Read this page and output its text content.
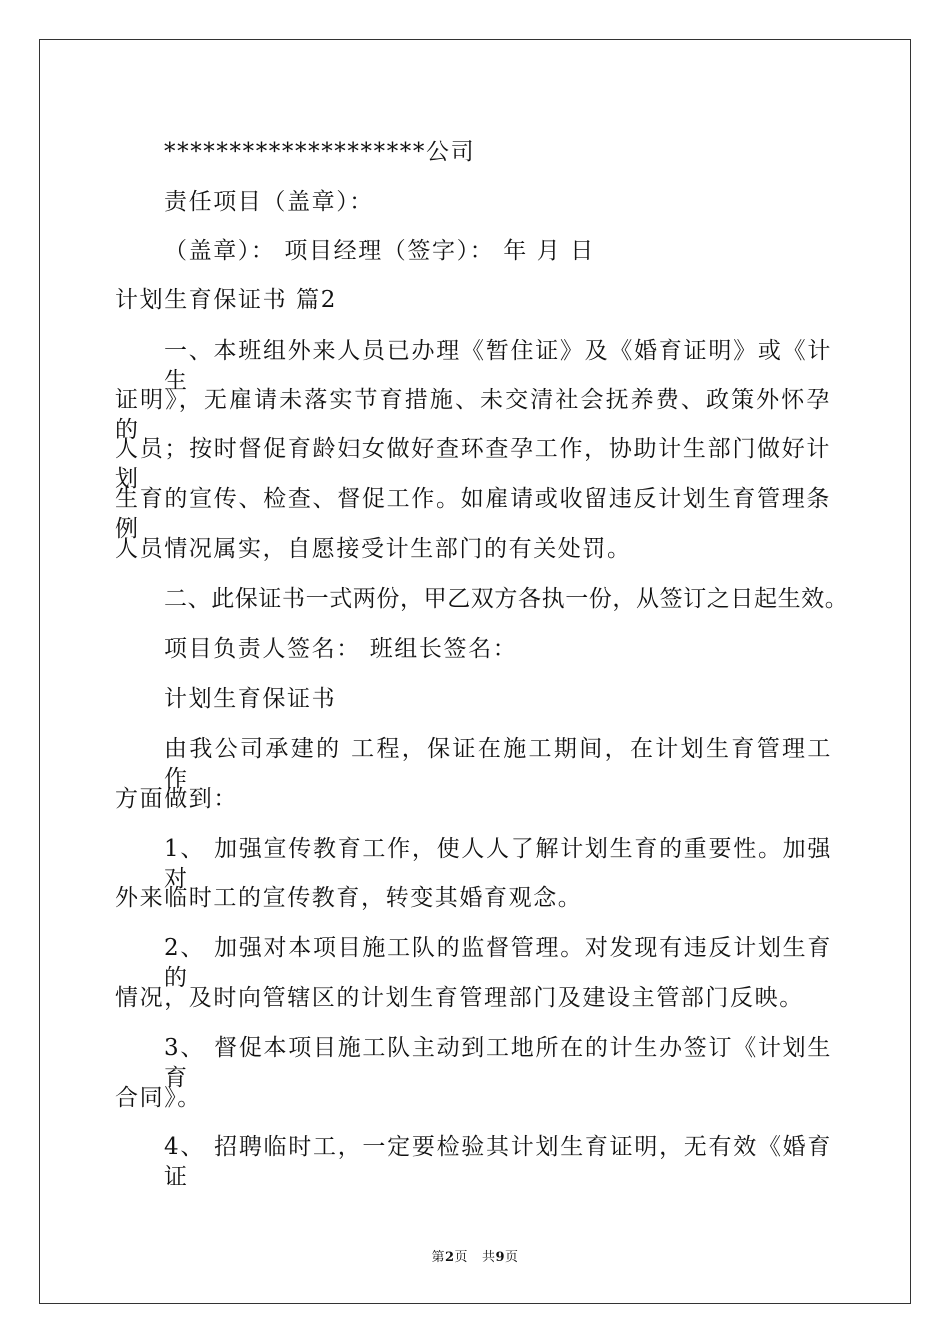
********************公司
责任项目（盖章）：
（盖章）： 项目经理（签字）： 年 月 日
计划生育保证书 篇2
一、本班组外来人员已办理《暂住证》及《婚育证明》或《计生
证明》，无雇请未落实节育措施、未交清社会抚养费、政策外怀孕的
人员；按时督促育龄妇女做好查环查孕工作，协助计生部门做好计划
生育的宣传、检查、督促工作。如雇请或收留违反计划生育管理条例
人员情况属实，自愿接受计生部门的有关处罚。
二、此保证书一式两份，甲乙双方各执一份，从签订之日起生效。
项目负责人签名： 班组长签名：
计划生育保证书
由我公司承建的 工程，保证在施工期间，在计划生育管理工作
方面做到：
1、 加强宣传教育工作，使人人了解计划生育的重要性。加强对
外来临时工的宣传教育，转变其婚育观念。
2、 加强对本项目施工队的监督管理。对发现有违反计划生育的
情况，及时向管辖区的计划生育管理部门及建设主管部门反映。
3、 督促本项目施工队主动到工地所在的计生办签订《计划生育
合同》。
4、 招聘临时工，一定要检验其计划生育证明，无有效《婚育证
第2页 共9页
